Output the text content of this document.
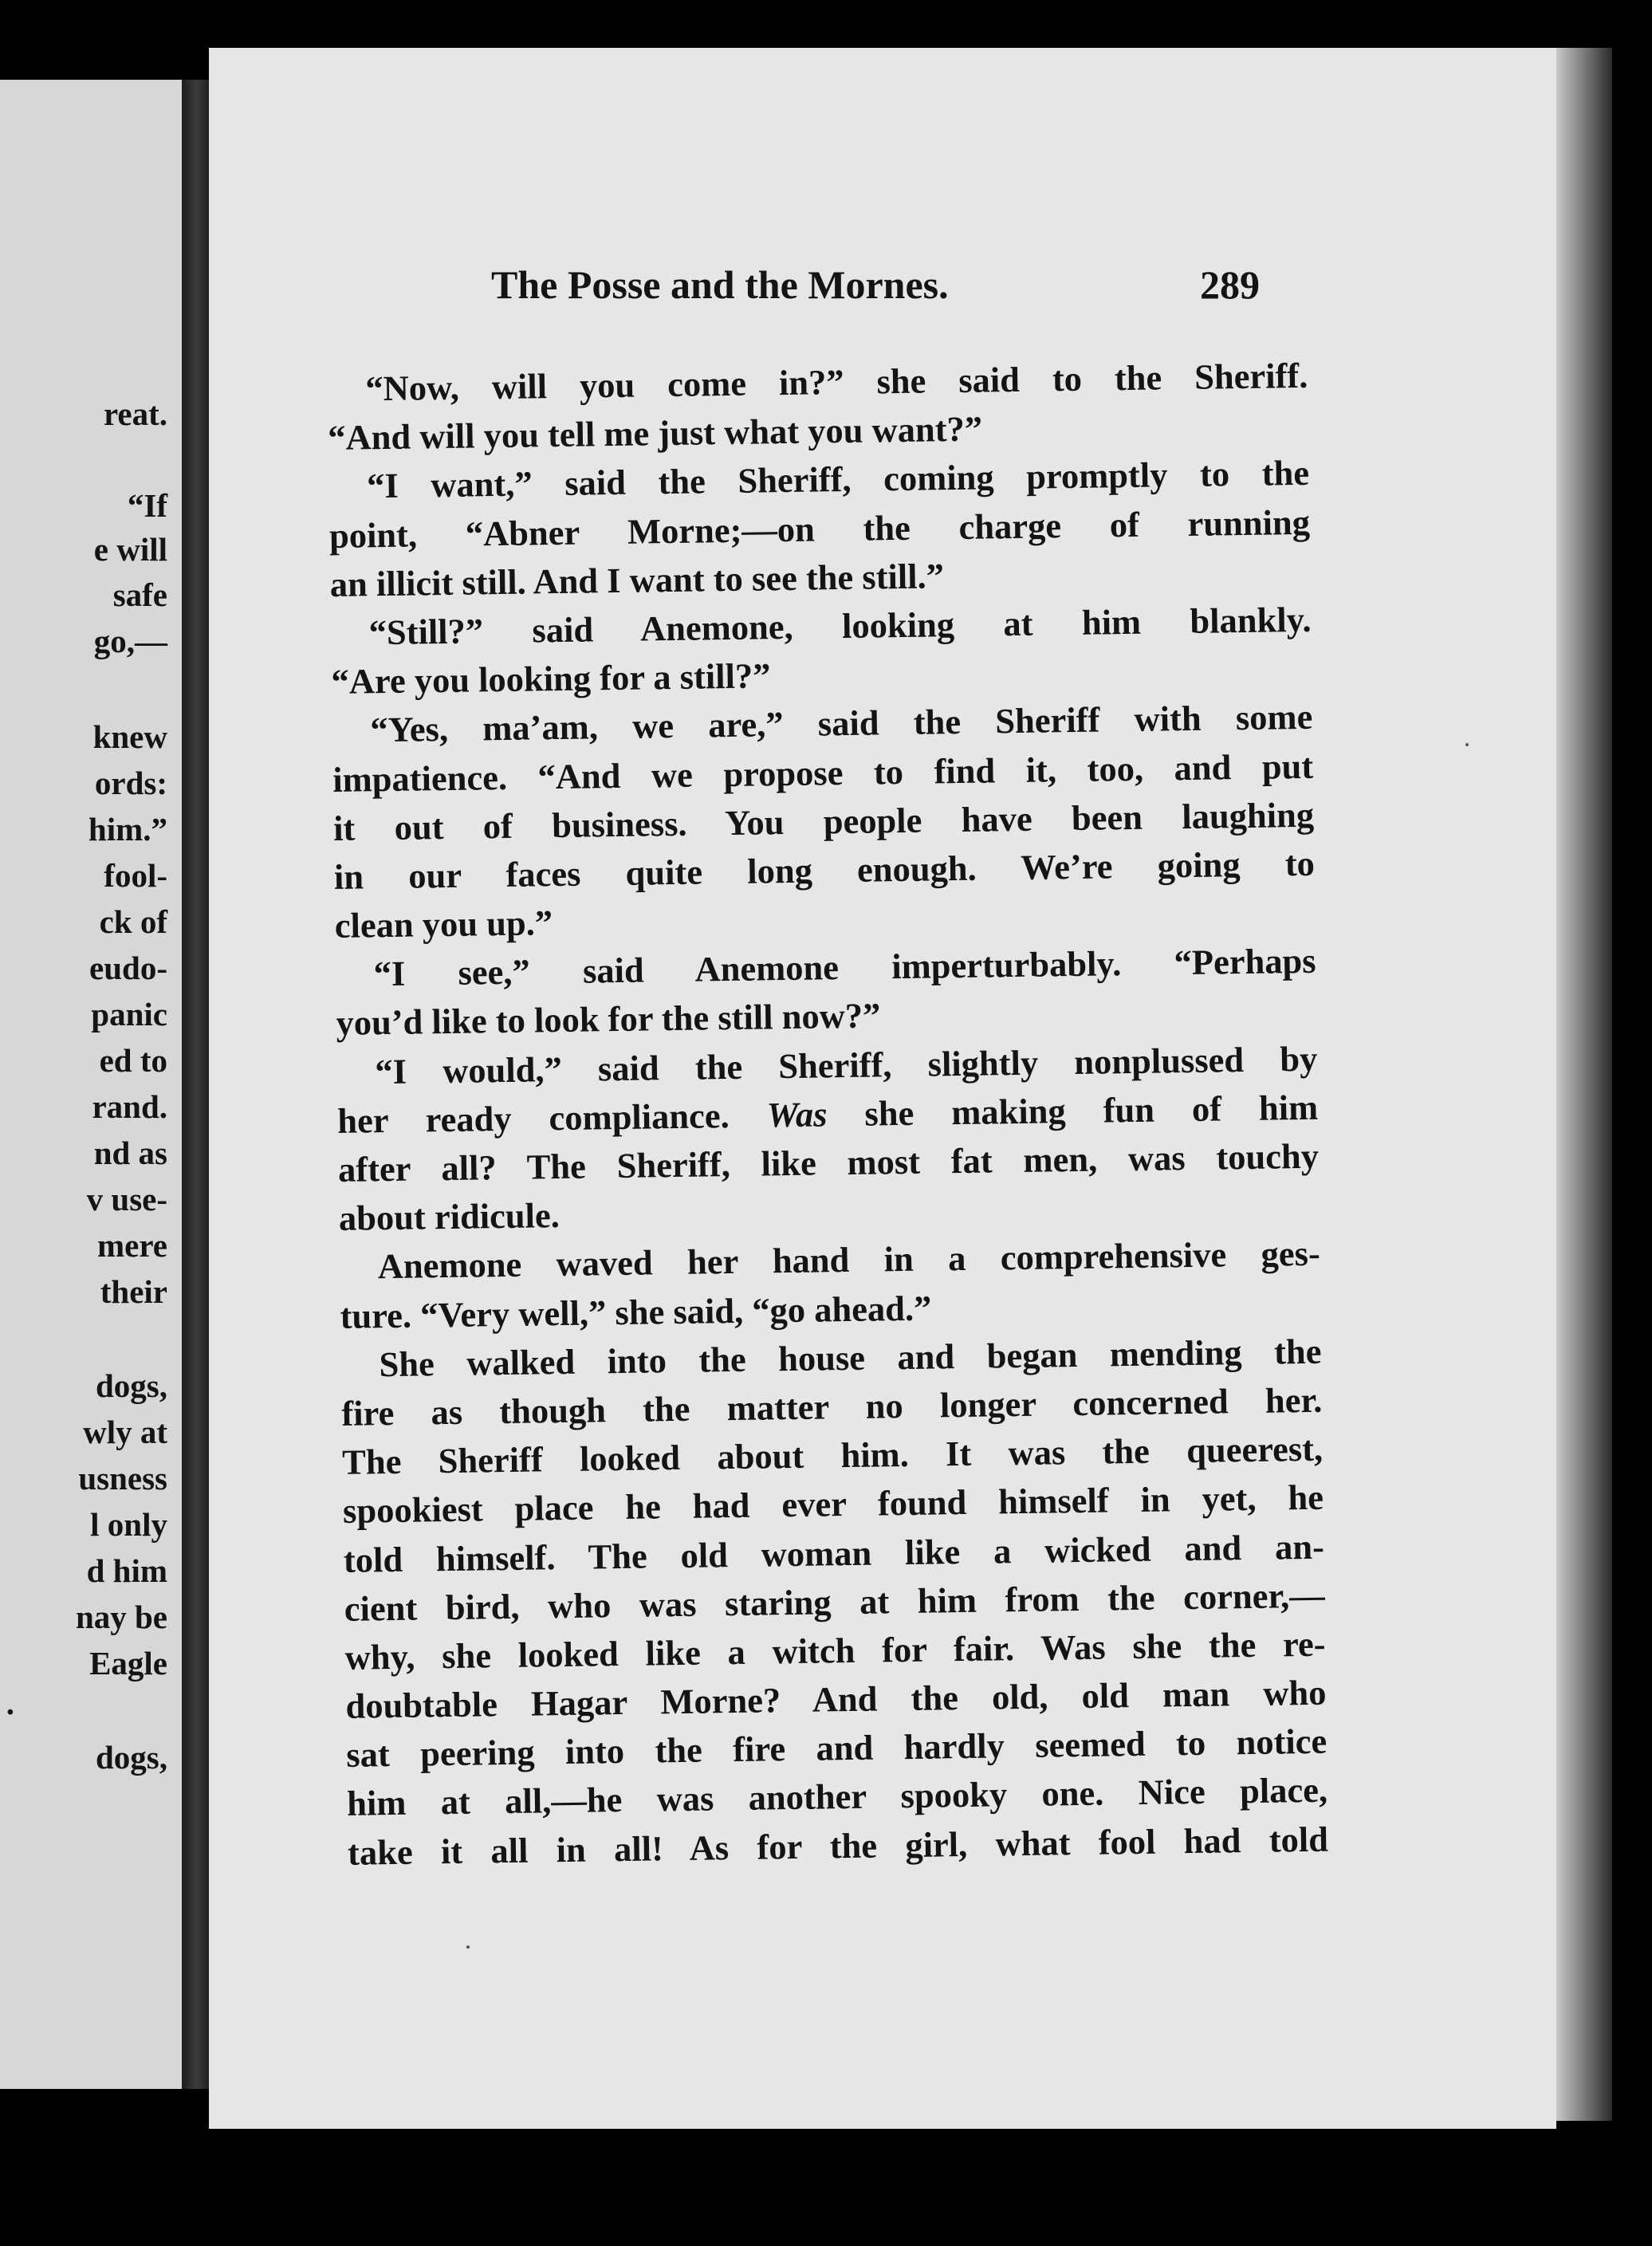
reat.
“If
e will
safe
go,—
knew
ords:
him.”
fool-
ck of
eudo-
panic
ed to
rand.
nd as
v use-
mere
their
dogs,
wly at
usness
l only
d him
nay be
Eagle
.
dogs,
The Posse and the Mornes.	289
“Now, will you come in?” she said to the Sheriff.
“And will you tell me just what you want?”
“I want,” said the Sheriff, coming promptly to the
point, “Abner Morne;—on the charge of running
an illicit still. And I want to see the still.”
“Still?” said Anemone, looking at him blankly.
“Are you looking for a still?”
“Yes, ma’am, we are,” said the Sheriff with some
impatience. “And we propose to find it, too, and put
it out of business. You people have been laughing
in our faces quite long enough. We’re going to
clean you up.”
“I see,” said Anemone imperturbably. “Perhaps
you’d like to look for the still now?”
“I would,” said the Sheriff, slightly nonplussed by
her ready compliance. Was she making fun of him
after all? The Sheriff, like most fat men, was touchy
about ridicule.
Anemone waved her hand in a comprehensive ges-
ture. “Very well,” she said, “go ahead.”
She walked into the house and began mending the
fire as though the matter no longer concerned her.
The Sheriff looked about him. It was the queerest,
spookiest place he had ever found himself in yet, he
told himself. The old woman like a wicked and an-
cient bird, who was staring at him from the corner,—
why, she looked like a witch for fair. Was she the re-
doubtable Hagar Morne? And the old, old man who
sat peering into the fire and hardly seemed to notice
him at all,—he was another spooky one. Nice place,
take it all in all! As for the girl, what fool had told
